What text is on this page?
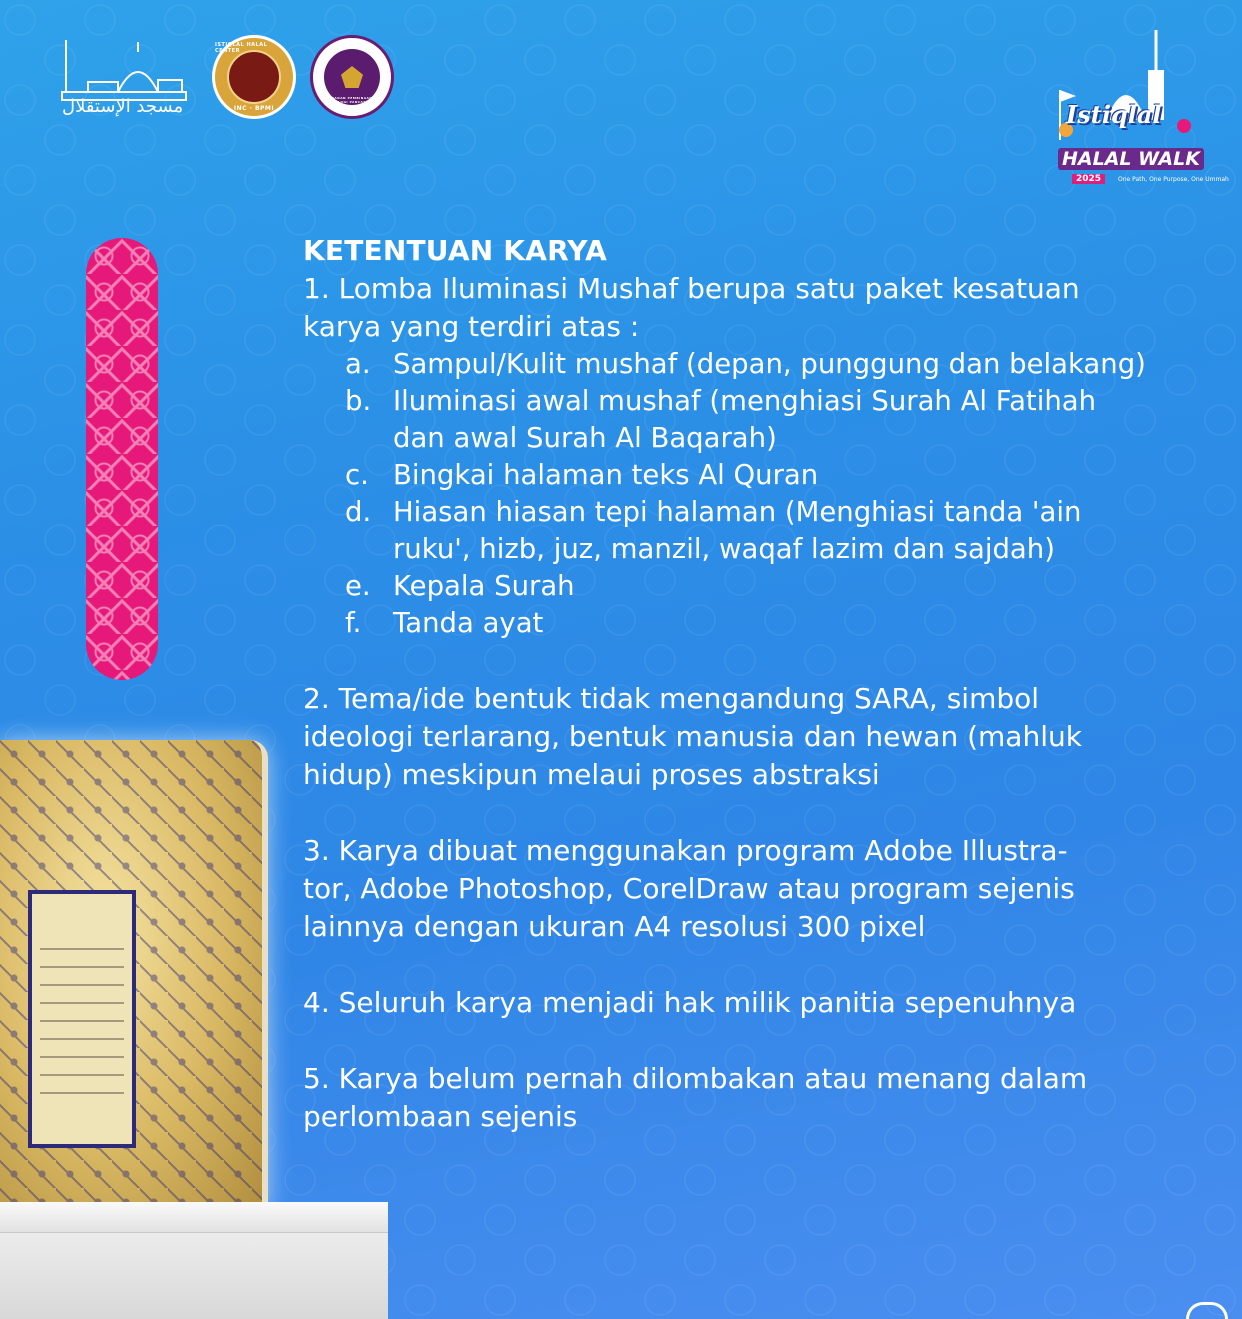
مسجد الإستقلال
ISTIQLAL HALAL CENTER
INC · BPMI
BADAN PEMBINAAN IDEOLOGI PANCASILA · REPUBLIK INDONESIA	Istiqlal
HALAL WALK
2025	One Path, One Purpose, One Ummah
KETENTUAN KARYA

1. Lomba Iluminasi Mushaf berupa satu paket kesatuan
karya yang terdiri atas :

a. Sampul/Kulit mushaf (depan, punggung dan belakang)
b. Iluminasi awal mushaf (menghiasi Surah Al Fatihah
dan awal Surah Al Baqarah)
c. Bingkai halaman teks Al Quran
d. Hiasan hiasan tepi halaman (Menghiasi tanda 'ain
ruku', hizb, juz, manzil, waqaf lazim dan sajdah)
e. Kepala Surah
f.	Tanda ayat

2. Tema/ide bentuk tidak mengandung SARA, simbol
ideologi terlarang, bentuk manusia dan hewan (mahluk
hidup) meskipun melaui proses abstraksi

3. Karya dibuat menggunakan program Adobe Illustra-
tor, Adobe Photoshop, CorelDraw atau program sejenis
lainnya dengan ukuran A4 resolusi 300 pixel

4. Seluruh karya menjadi hak milik panitia sepenuhnya

5. Karya belum pernah dilombakan atau menang dalam
perlombaan sejenis
